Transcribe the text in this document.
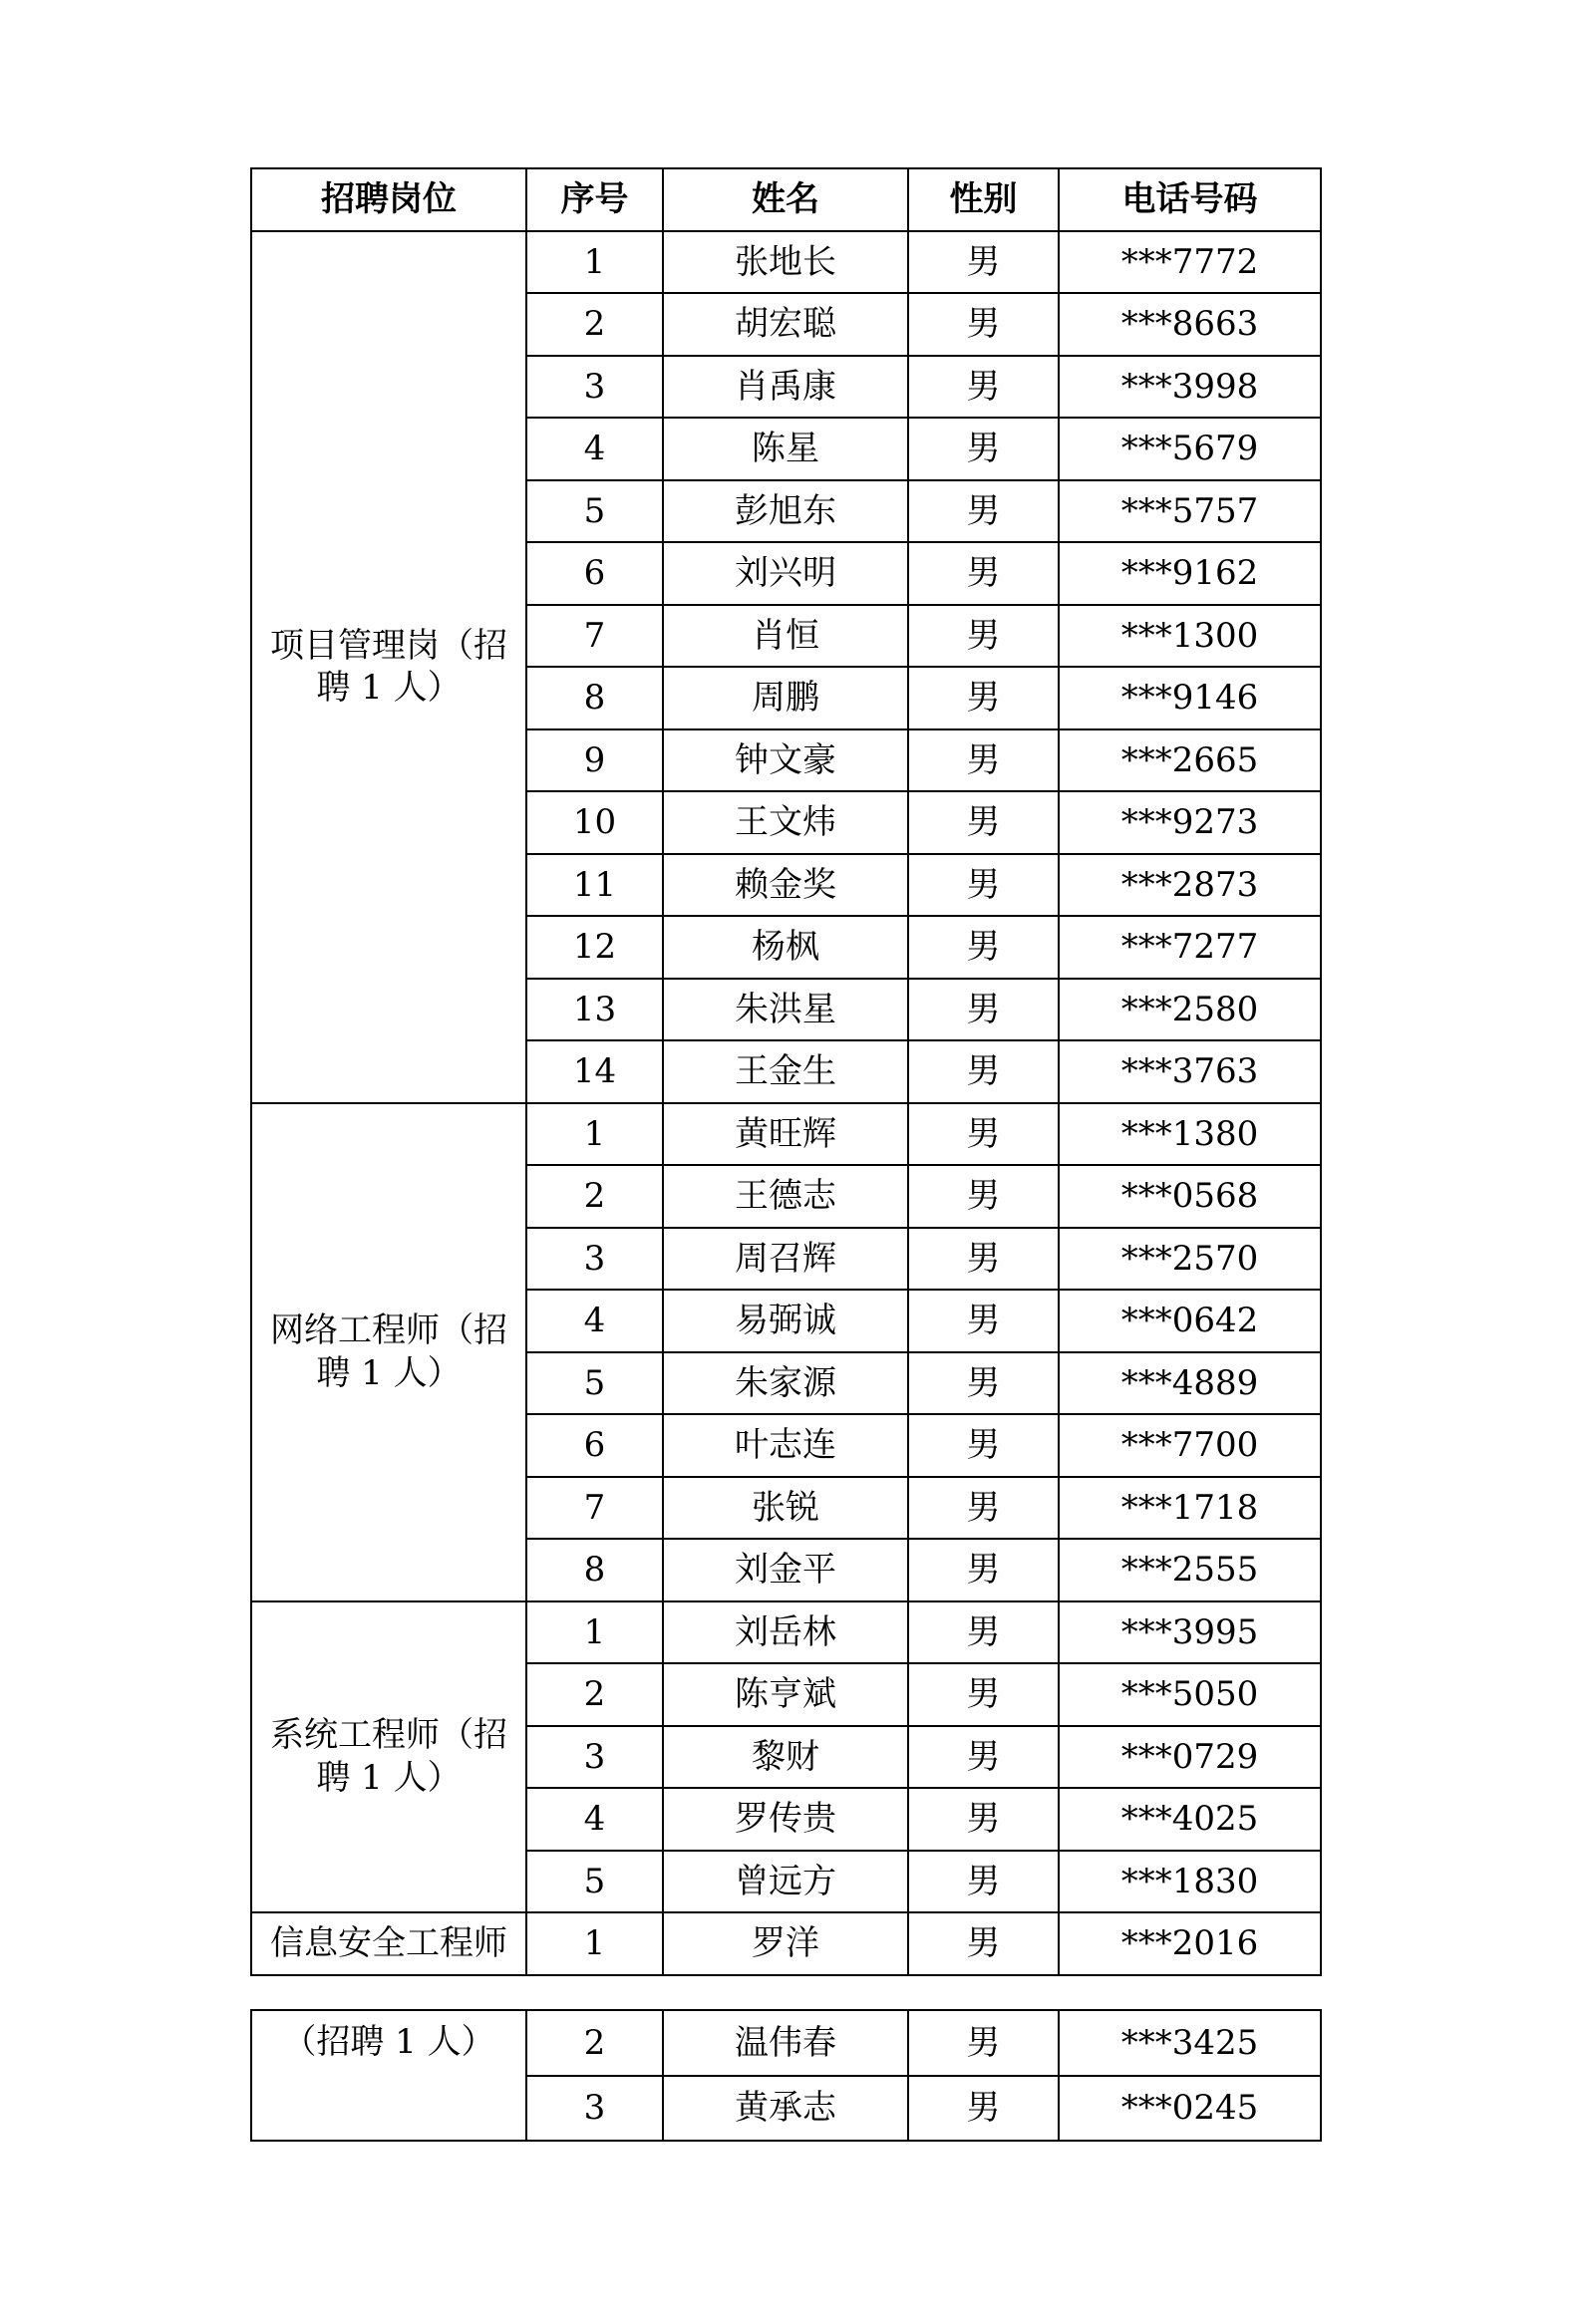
招聘岗位	序号	姓名	性别	电话号码
项目管理岗（招聘 1 人）	1	张地长	男	***7772
	2	胡宏聪	男	***8663
	3	肖禹康	男	***3998
	4	陈星	男	***5679
	5	彭旭东	男	***5757
	6	刘兴明	男	***9162
	7	肖恒	男	***1300
	8	周鹏	男	***9146
	9	钟文豪	男	***2665
	10	王文炜	男	***9273
	11	赖金奖	男	***2873
	12	杨枫	男	***7277
	13	朱洪星	男	***2580
	14	王金生	男	***3763
网络工程师（招聘 1 人）	1	黄旺辉	男	***1380
	2	王德志	男	***0568
	3	周召辉	男	***2570
	4	易弼诚	男	***0642
	5	朱家源	男	***4889
	6	叶志连	男	***7700
	7	张锐	男	***1718
	8	刘金平	男	***2555
系统工程师（招聘 1 人）	1	刘岳林	男	***3995
	2	陈亨斌	男	***5050
	3	黎财	男	***0729
	4	罗传贵	男	***4025
	5	曾远方	男	***1830
信息安全工程师	1	罗洋	男	***2016
（招聘 1 人）	2	温伟春	男	***3425
	3	黄承志	男	***0245
